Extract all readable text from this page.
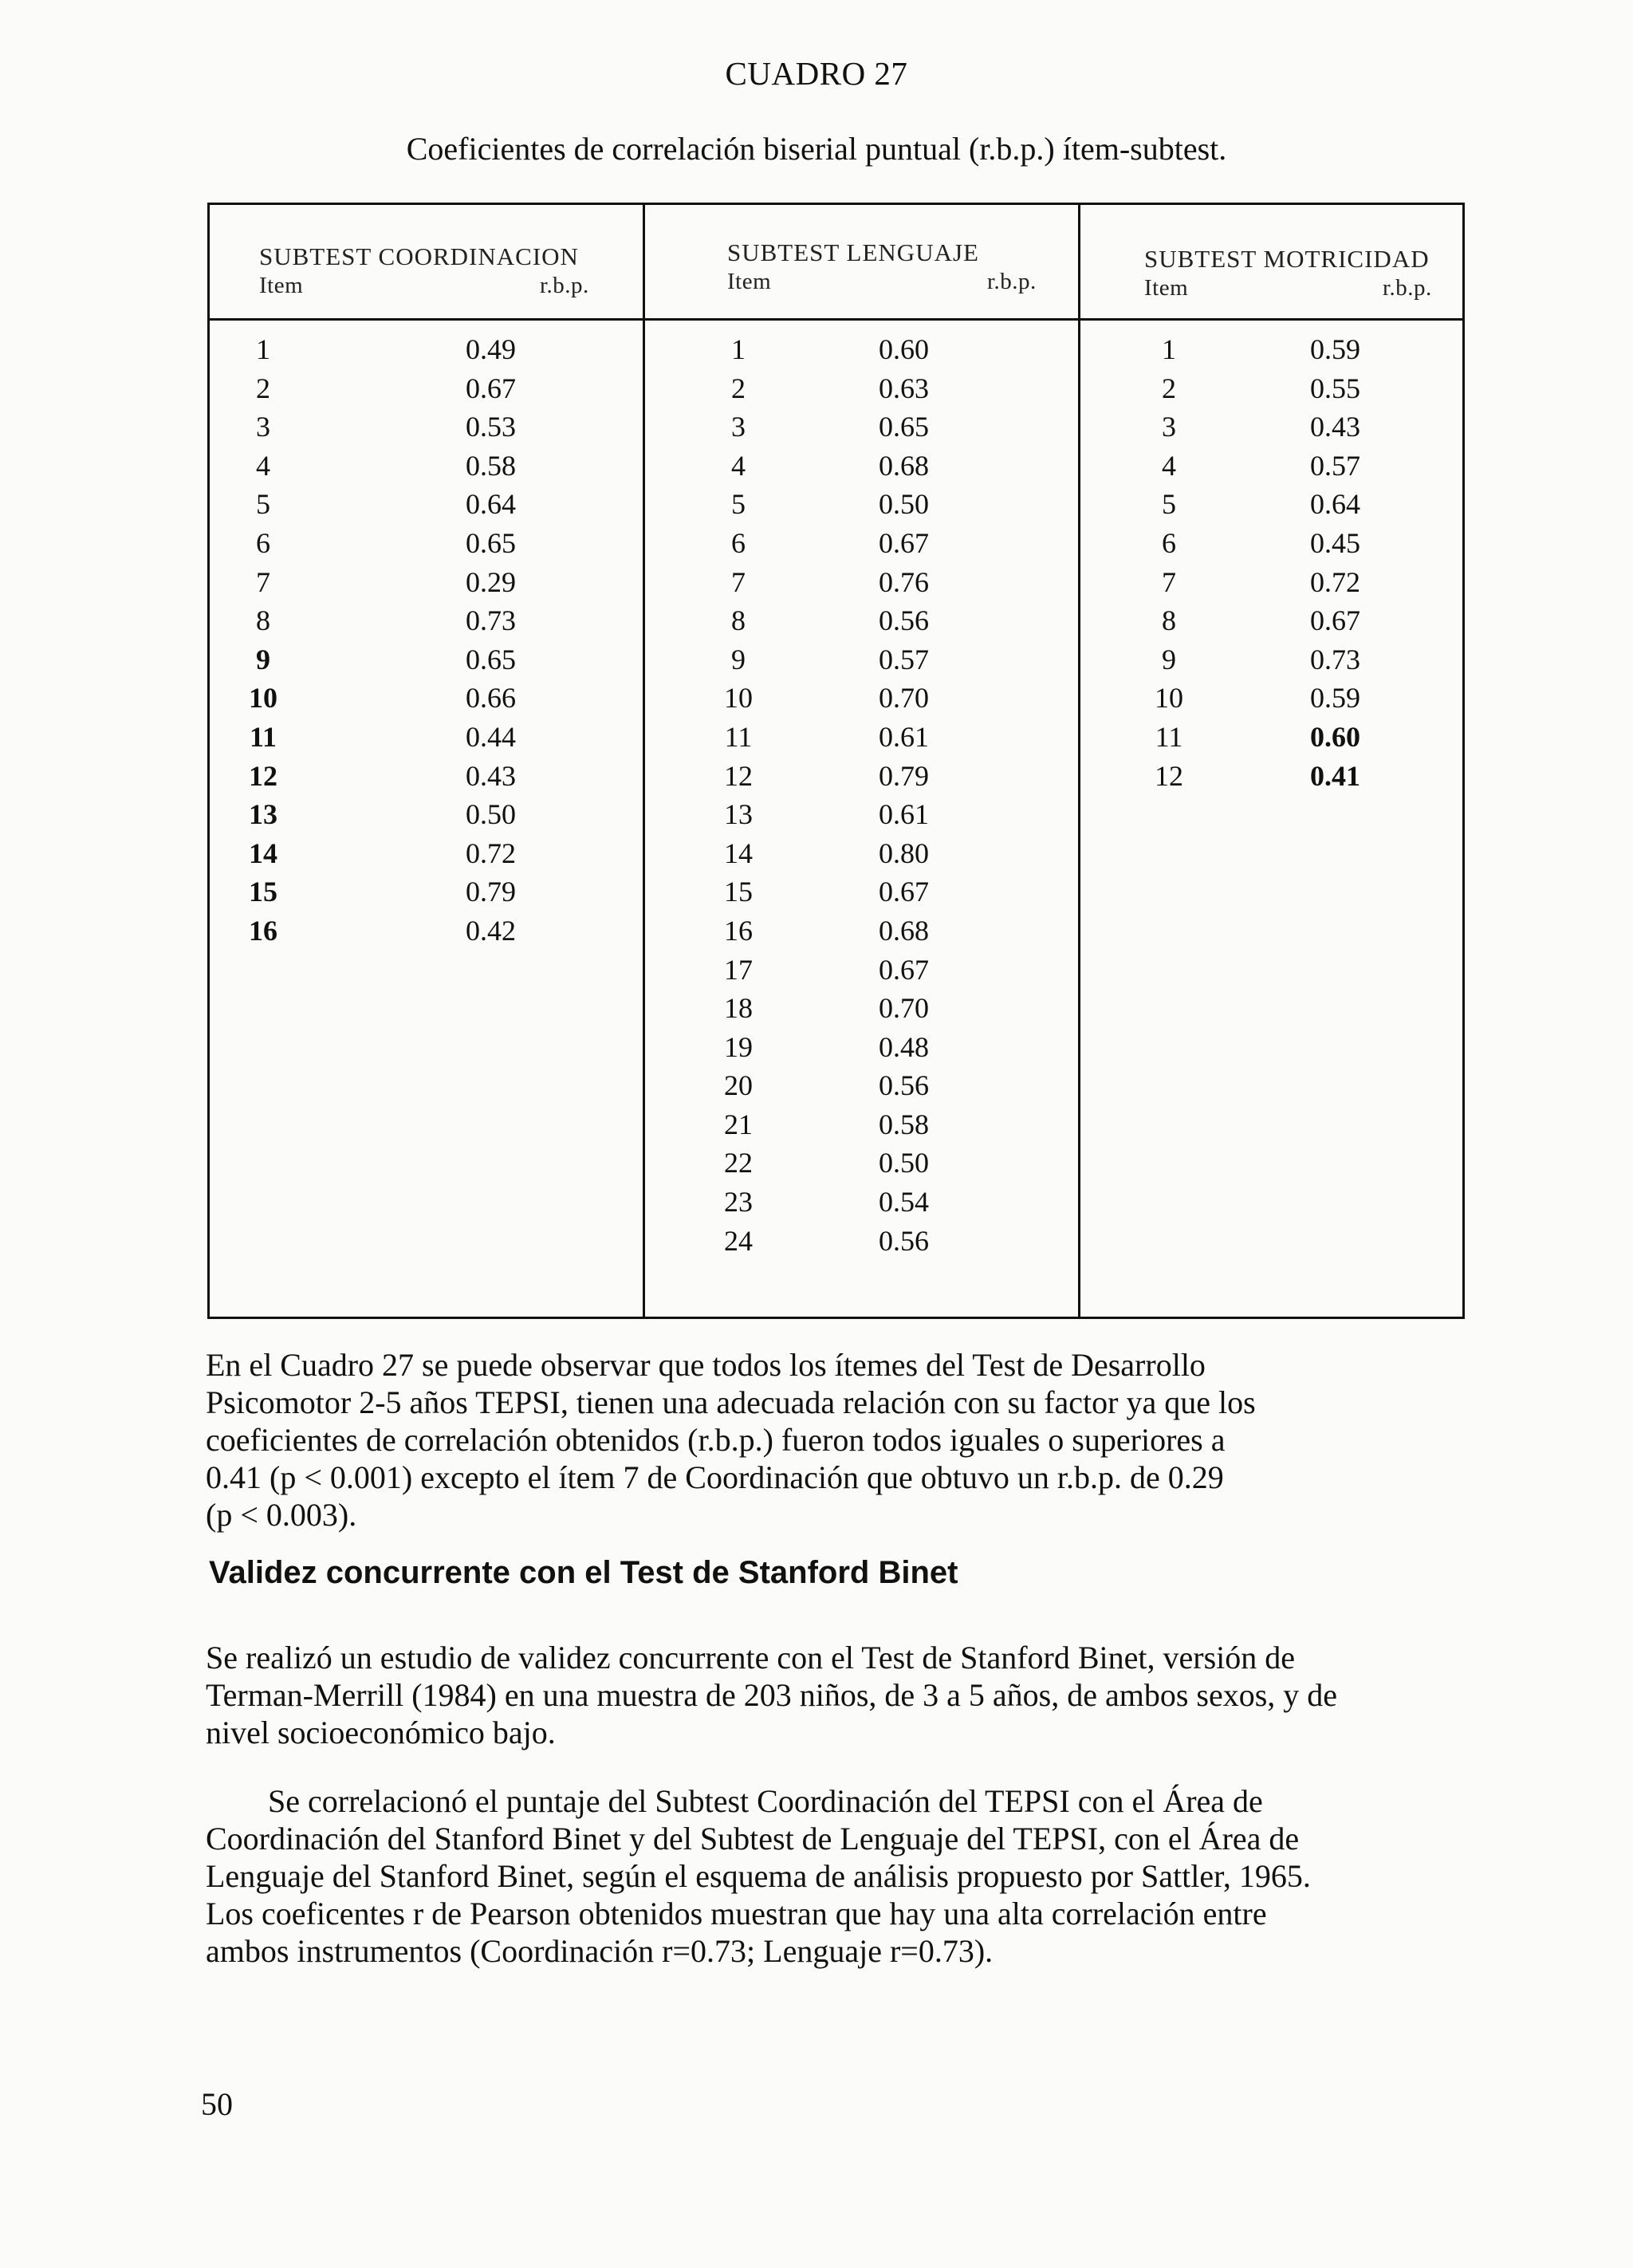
CUADRO 27
Coeficientes de correlación biserial puntual (r.b.p.) ítem-subtest.
SUBTEST COORDINACION
Item	r.b.p.
1	0.49
2	0.67
3	0.53
4	0.58
5	0.64
6	0.65
7	0.29
8	0.73
9	0.65
10	0.66
11	0.44
12	0.43
13	0.50
14	0.72
15	0.79
16	0.42
SUBTEST LENGUAJE
Item	r.b.p.
1	0.60
2	0.63
3	0.65
4	0.68
5	0.50
6	0.67
7	0.76
8	0.56
9	0.57
10	0.70
11	0.61
12	0.79
13	0.61
14	0.80
15	0.67
16	0.68
17	0.67
18	0.70
19	0.48
20	0.56
21	0.58
22	0.50
23	0.54
24	0.56
SUBTEST MOTRICIDAD
Item	r.b.p.
1	0.59
2	0.55
3	0.43
4	0.57
5	0.64
6	0.45
7	0.72
8	0.67
9	0.73
10	0.59
11	0.60
12	0.41
En el Cuadro 27 se puede observar que todos los ítemes del Test de Desarrollo
Psicomotor 2-5 años TEPSI, tienen una adecuada relación con su factor ya que los
coeficientes de correlación obtenidos (r.b.p.) fueron todos iguales o superiores a
0.41 (p < 0.001) excepto el ítem 7 de Coordinación que obtuvo un r.b.p. de 0.29
(p < 0.003).
Validez concurrente con el Test de Stanford Binet
Se realizó un estudio de validez concurrente con el Test de Stanford Binet, versión de
Terman-Merrill (1984) en una muestra de 203 niños, de 3 a 5 años, de ambos sexos, y de
nivel socioeconómico bajo.
Se correlacionó el puntaje del Subtest Coordinación del TEPSI con el Área de
Coordinación del Stanford Binet y del Subtest de Lenguaje del TEPSI, con el Área de
Lenguaje del Stanford Binet, según el esquema de análisis propuesto por Sattler, 1965.
Los coeficentes r de Pearson obtenidos muestran que hay una alta correlación entre
ambos instrumentos (Coordinación r=0.73; Lenguaje r=0.73).
50
